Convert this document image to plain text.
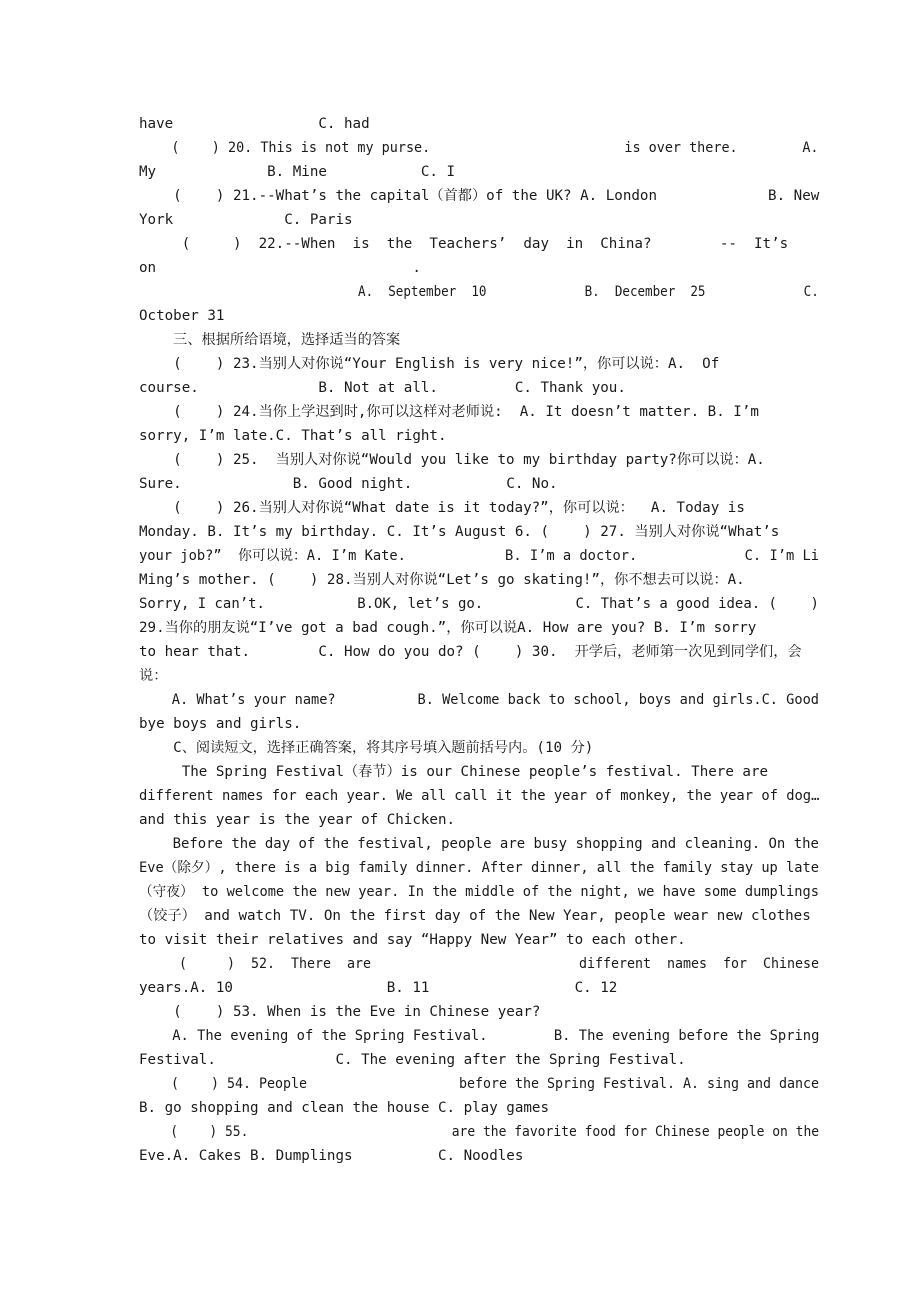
have                 C. had
(    ) 20. This is not my purse.                        is over there.        A.
My             B. Mine           C. I
(    ) 21.--What’s the capital（首都）of the UK? A. London             B. New
York             C. Paris
(     )  22.--When  is  the  Teachers’  day  in  China?        --  It’s
on                              .
A.  September  10             B.  December  25             C.
October 31
三、根据所给语境，选择适当的答案
(    ) 23.当别人对你说“Your English is very nice!”，你可以说：A.  Of
course.              B. Not at all.         C. Thank you.
(    ) 24.当你上学迟到时,你可以这样对老师说:  A. It doesn’t matter. B. I’m
sorry, I’m late.C. That’s all right.
(    ) 25.  当别人对你说“Would you like to my birthday party?你可以说：A.
Sure.             B. Good night.           C. No.
(    ) 26.当别人对你说“What date is it today?”，你可以说：  A. Today is
Monday. B. It’s my birthday. C. It’s August 6. (    ) 27. 当别人对你说“What’s
your job?”  你可以说：A. I’m Kate.            B. I’m a doctor.             C. I’m Li
Ming’s mother. (    ) 28.当别人对你说“Let’s go skating!”，你不想去可以说：A.
Sorry, I can’t.           B.OK, let’s go.           C. That’s a good idea. (    )
29.当你的朋友说“I’ve got a bad cough.”，你可以说A. How are you? B. I’m sorry
to hear that.        C. How do you do? (    ) 30.  开学后，老师第一次见到同学们，会
说：
A. What’s your name?          B. Welcome back to school, boys and girls.C. Good
bye boys and girls.
C、阅读短文，选择正确答案，将其序号填入题前括号内。(10 分)
The Spring Festival（春节）is our Chinese people’s festival. There are
different names for each year. We all call it the year of monkey, the year of dog…
and this year is the year of Chicken.
Before the day of the festival, people are busy shopping and cleaning. On the
Eve（除夕）, there is a big family dinner. After dinner, all the family stay up late
（守夜） to welcome the new year. In the middle of the night, we have some dumplings
（饺子） and watch TV. On the first day of the New Year, people wear new clothes
to visit their relatives and say “Happy New Year” to each other.
(     )  52.  There  are                          different  names  for  Chinese
years.A. 10                  B. 11                 C. 12
(    ) 53. When is the Eve in Chinese year?
A. The evening of the Spring Festival.        B. The evening before the Spring
Festival.              C. The evening after the Spring Festival.
(    ) 54. People                   before the Spring Festival. A. sing and dance
B. go shopping and clean the house C. play games
(    ) 55.                          are the favorite food for Chinese people on the
Eve.A. Cakes B. Dumplings          C. Noodles
